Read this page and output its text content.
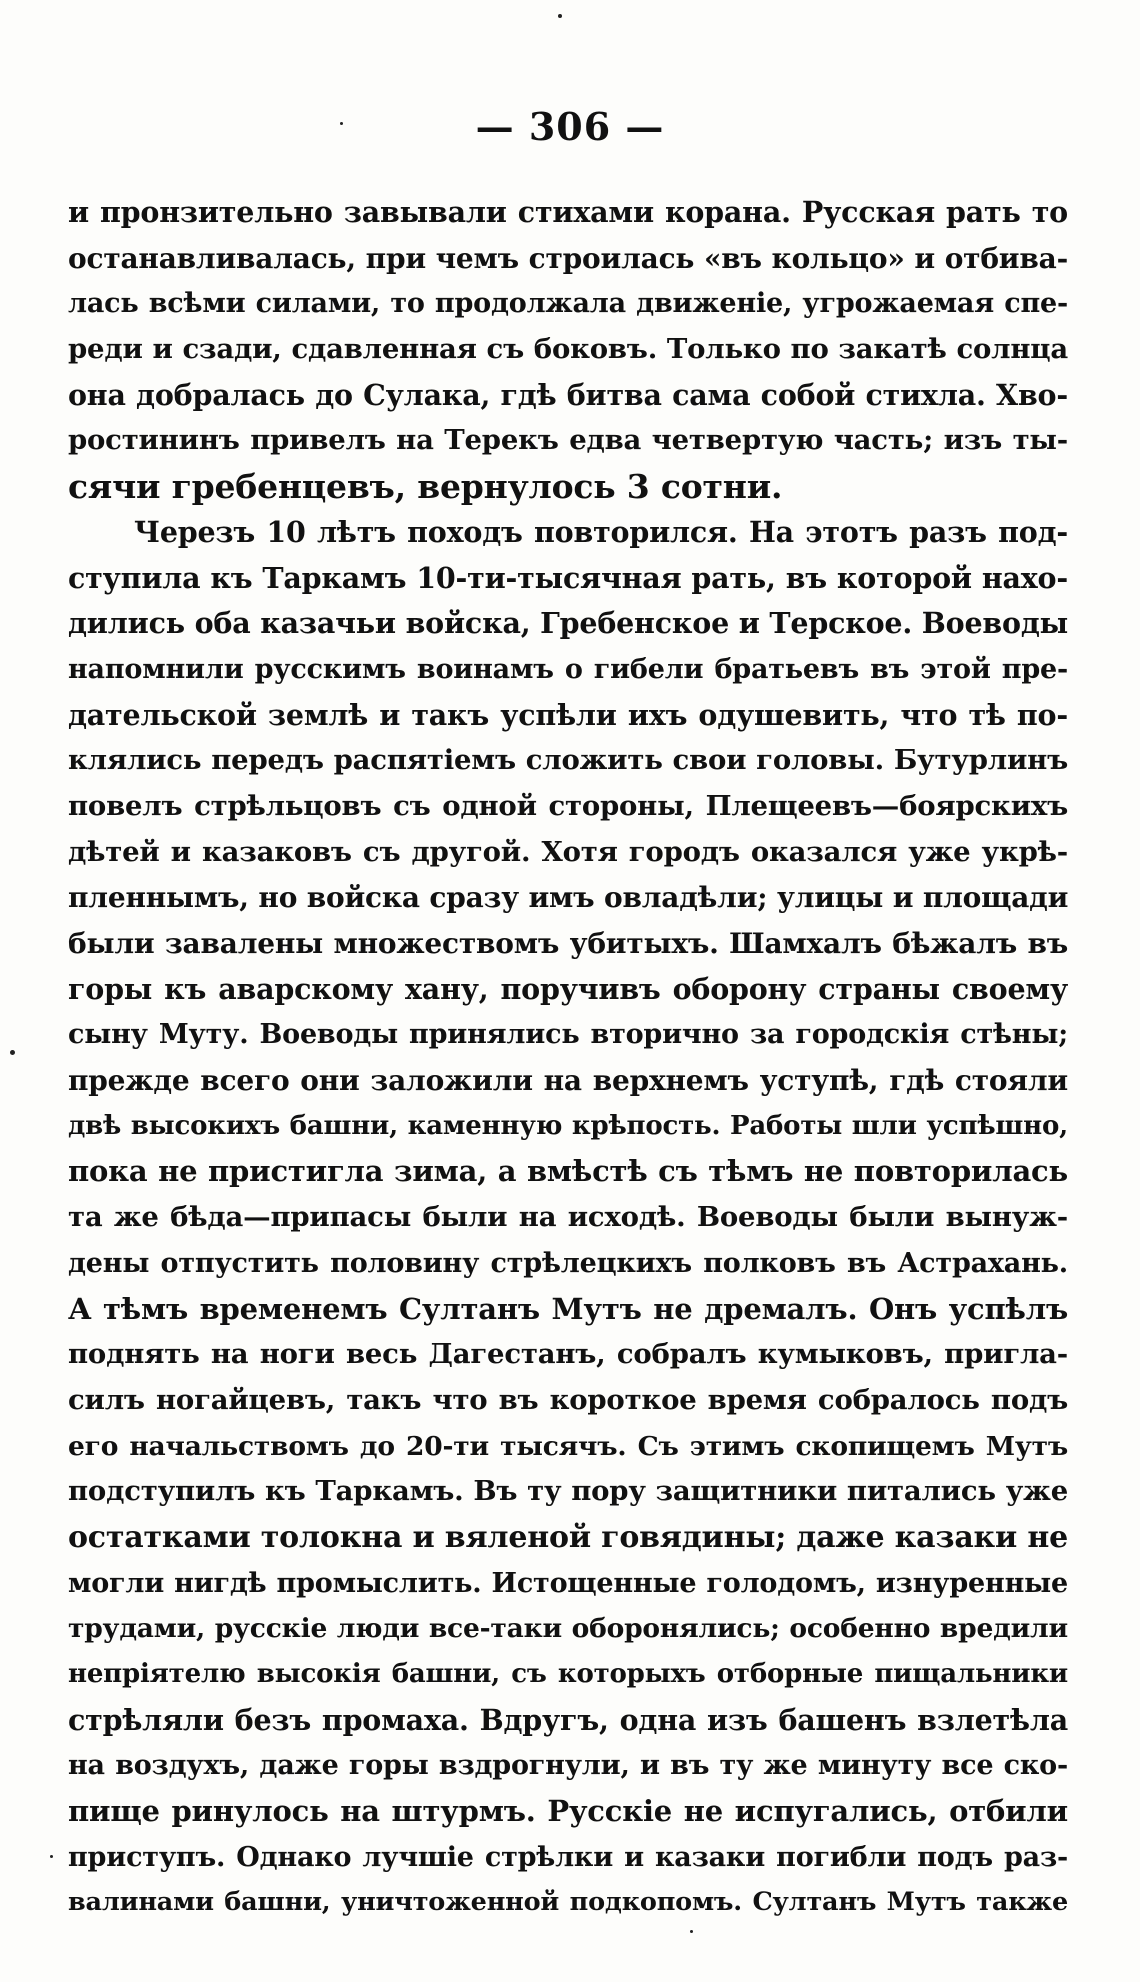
— 306 —
и пронзительно завывали стихами корана. Русская рать то
останавливалась, при чемъ строилась «въ кольцо» и отбива-
лась всѣми силами, то продолжала движеніе, угрожаемая спе-
реди и сзади, сдавленная съ боковъ. Только по закатѣ солнца
она добралась до Сулака, гдѣ битва сама собой стихла. Хво-
ростининъ привелъ на Терекъ едва четвертую часть; изъ ты-
сячи гребенцевъ, вернулось 3 сотни.
Черезъ 10 лѣтъ походъ повторился. На этотъ разъ под-
ступила къ Таркамъ 10-ти-тысячная рать, въ которой нахо-
дились оба казачьи войска, Гребенское и Терское. Воеводы
напомнили русскимъ воинамъ о гибели братьевъ въ этой пре-
дательской землѣ и такъ успѣли ихъ одушевить, что тѣ по-
клялись передъ распятіемъ сложить свои головы. Бутурлинъ
повелъ стрѣльцовъ съ одной стороны, Плещеевъ—боярскихъ
дѣтей и казаковъ съ другой. Хотя городъ оказался уже укрѣ-
пленнымъ, но войска сразу имъ овладѣли; улицы и площади
были завалены множествомъ убитыхъ. Шамхалъ бѣжалъ въ
горы къ аварскому хану, поручивъ оборону страны своему
сыну Муту. Воеводы принялись вторично за городскія стѣны;
прежде всего они заложили на верхнемъ уступѣ, гдѣ стояли
двѣ высокихъ башни, каменную крѣпость. Работы шли успѣшно,
пока не пристигла зима, а вмѣстѣ съ тѣмъ не повторилась
та же бѣда—припасы были на исходѣ. Воеводы были вынуж-
дены отпустить половину стрѣлецкихъ полковъ въ Астрахань.
А тѣмъ временемъ Султанъ Мутъ не дремалъ. Онъ успѣлъ
поднять на ноги весь Дагестанъ, собралъ кумыковъ, пригла-
силъ ногайцевъ, такъ что въ короткое время собралось подъ
его начальствомъ до 20-ти тысячъ. Съ этимъ скопищемъ Мутъ
подступилъ къ Таркамъ. Въ ту пору защитники питались уже
остатками толокна и вяленой говядины; даже казаки не
могли нигдѣ промыслить. Истощенные голодомъ, изнуренные
трудами, русскіе люди все-таки оборонялись; особенно вредили
непріятелю высокія башни, съ которыхъ отборные пищальники
стрѣляли безъ промаха. Вдругъ, одна изъ башенъ взлетѣла
на воздухъ, даже горы вздрогнули, и въ ту же минуту все ско-
пище ринулось на штурмъ. Русскіе не испугались, отбили
приступъ. Однако лучшіе стрѣлки и казаки погибли подъ раз-
валинами башни, уничтоженной подкопомъ. Султанъ Мутъ также
